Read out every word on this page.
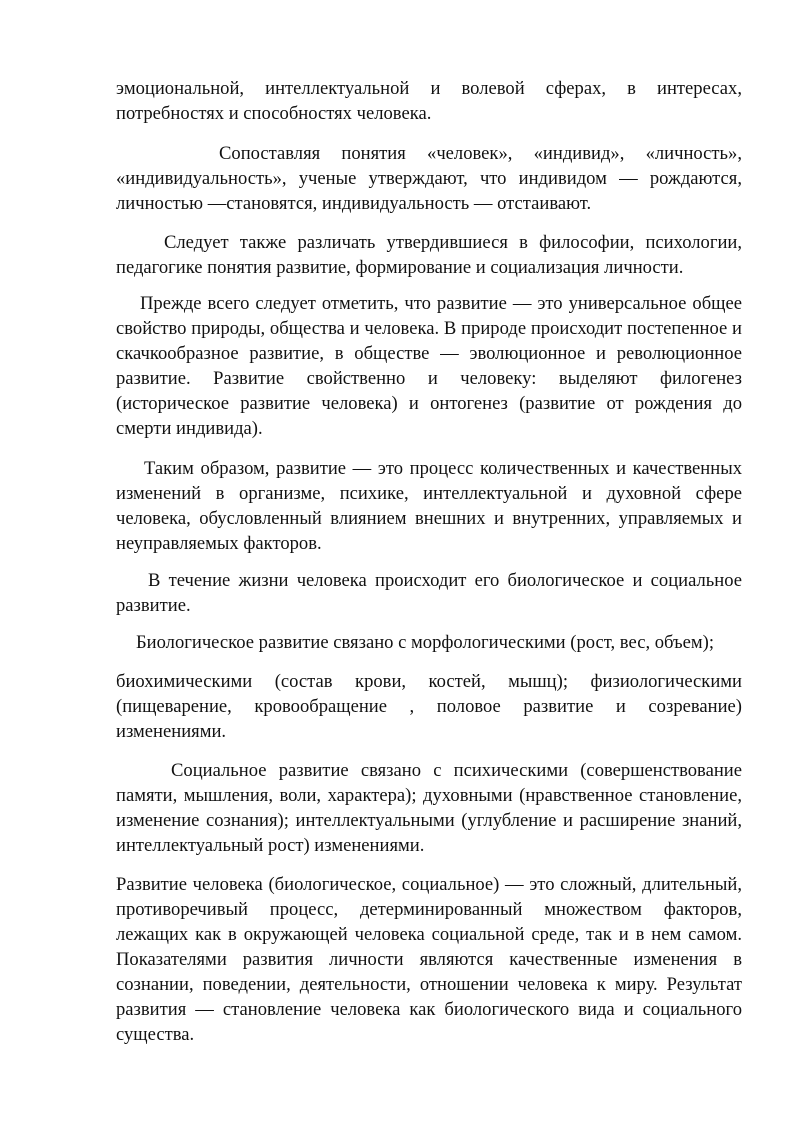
эмоциональной, интеллектуальной и волевой сферах, в интересах, потребностях и способностях человека.

Сопоставляя понятия «человек», «индивид», «личность», «индивидуальность», ученые утверждают, что индивидом — рождаются, личностью —становятся, индивидуальность — отстаивают.

Следует также различать утвердившиеся в философии, психологии, педагогике понятия развитие, формирование и социализация личности.

Прежде всего следует отметить, что развитие — это универсальное общее свойство природы, общества и человека. В природе происходит постепенное и скачкообразное развитие, в обществе — эволюционное и революционное развитие. Развитие свойственно и человеку: выделяют филогенез (историческое развитие человека) и онтогенез (развитие от рождения до смерти индивида).

Таким образом, развитие — это процесс количественных и качественных изменений в организме, психике, интеллектуальной и духовной сфере человека, обусловленный влиянием внешних и внутренних, управляемых и неуправляемых факторов.

В течение жизни человека происходит его биологическое и социальное развитие.

Биологическое развитие связано с морфологическими (рост, вес, объем);

биохимическими (состав крови, костей, мышц); физиологическими (пищеварение, кровообращение , половое развитие и созревание) изменениями.

Социальное развитие связано с психическими (совершенствование памяти, мышления, воли, характера); духовными (нравственное становление, изменение сознания); интеллектуальными (углубление и расширение знаний, интеллектуальный рост) изменениями.

Развитие человека (биологическое, социальное) — это сложный, длительный, противоречивый процесс, детерминированный множеством факторов, лежащих как в окружающей человека социальной среде, так и в нем самом. Показателями развития личности являются качественные изменения в сознании, поведении, деятельности, отношении человека к миру. Результат развития — становление человека как биологического вида и социального существа.
